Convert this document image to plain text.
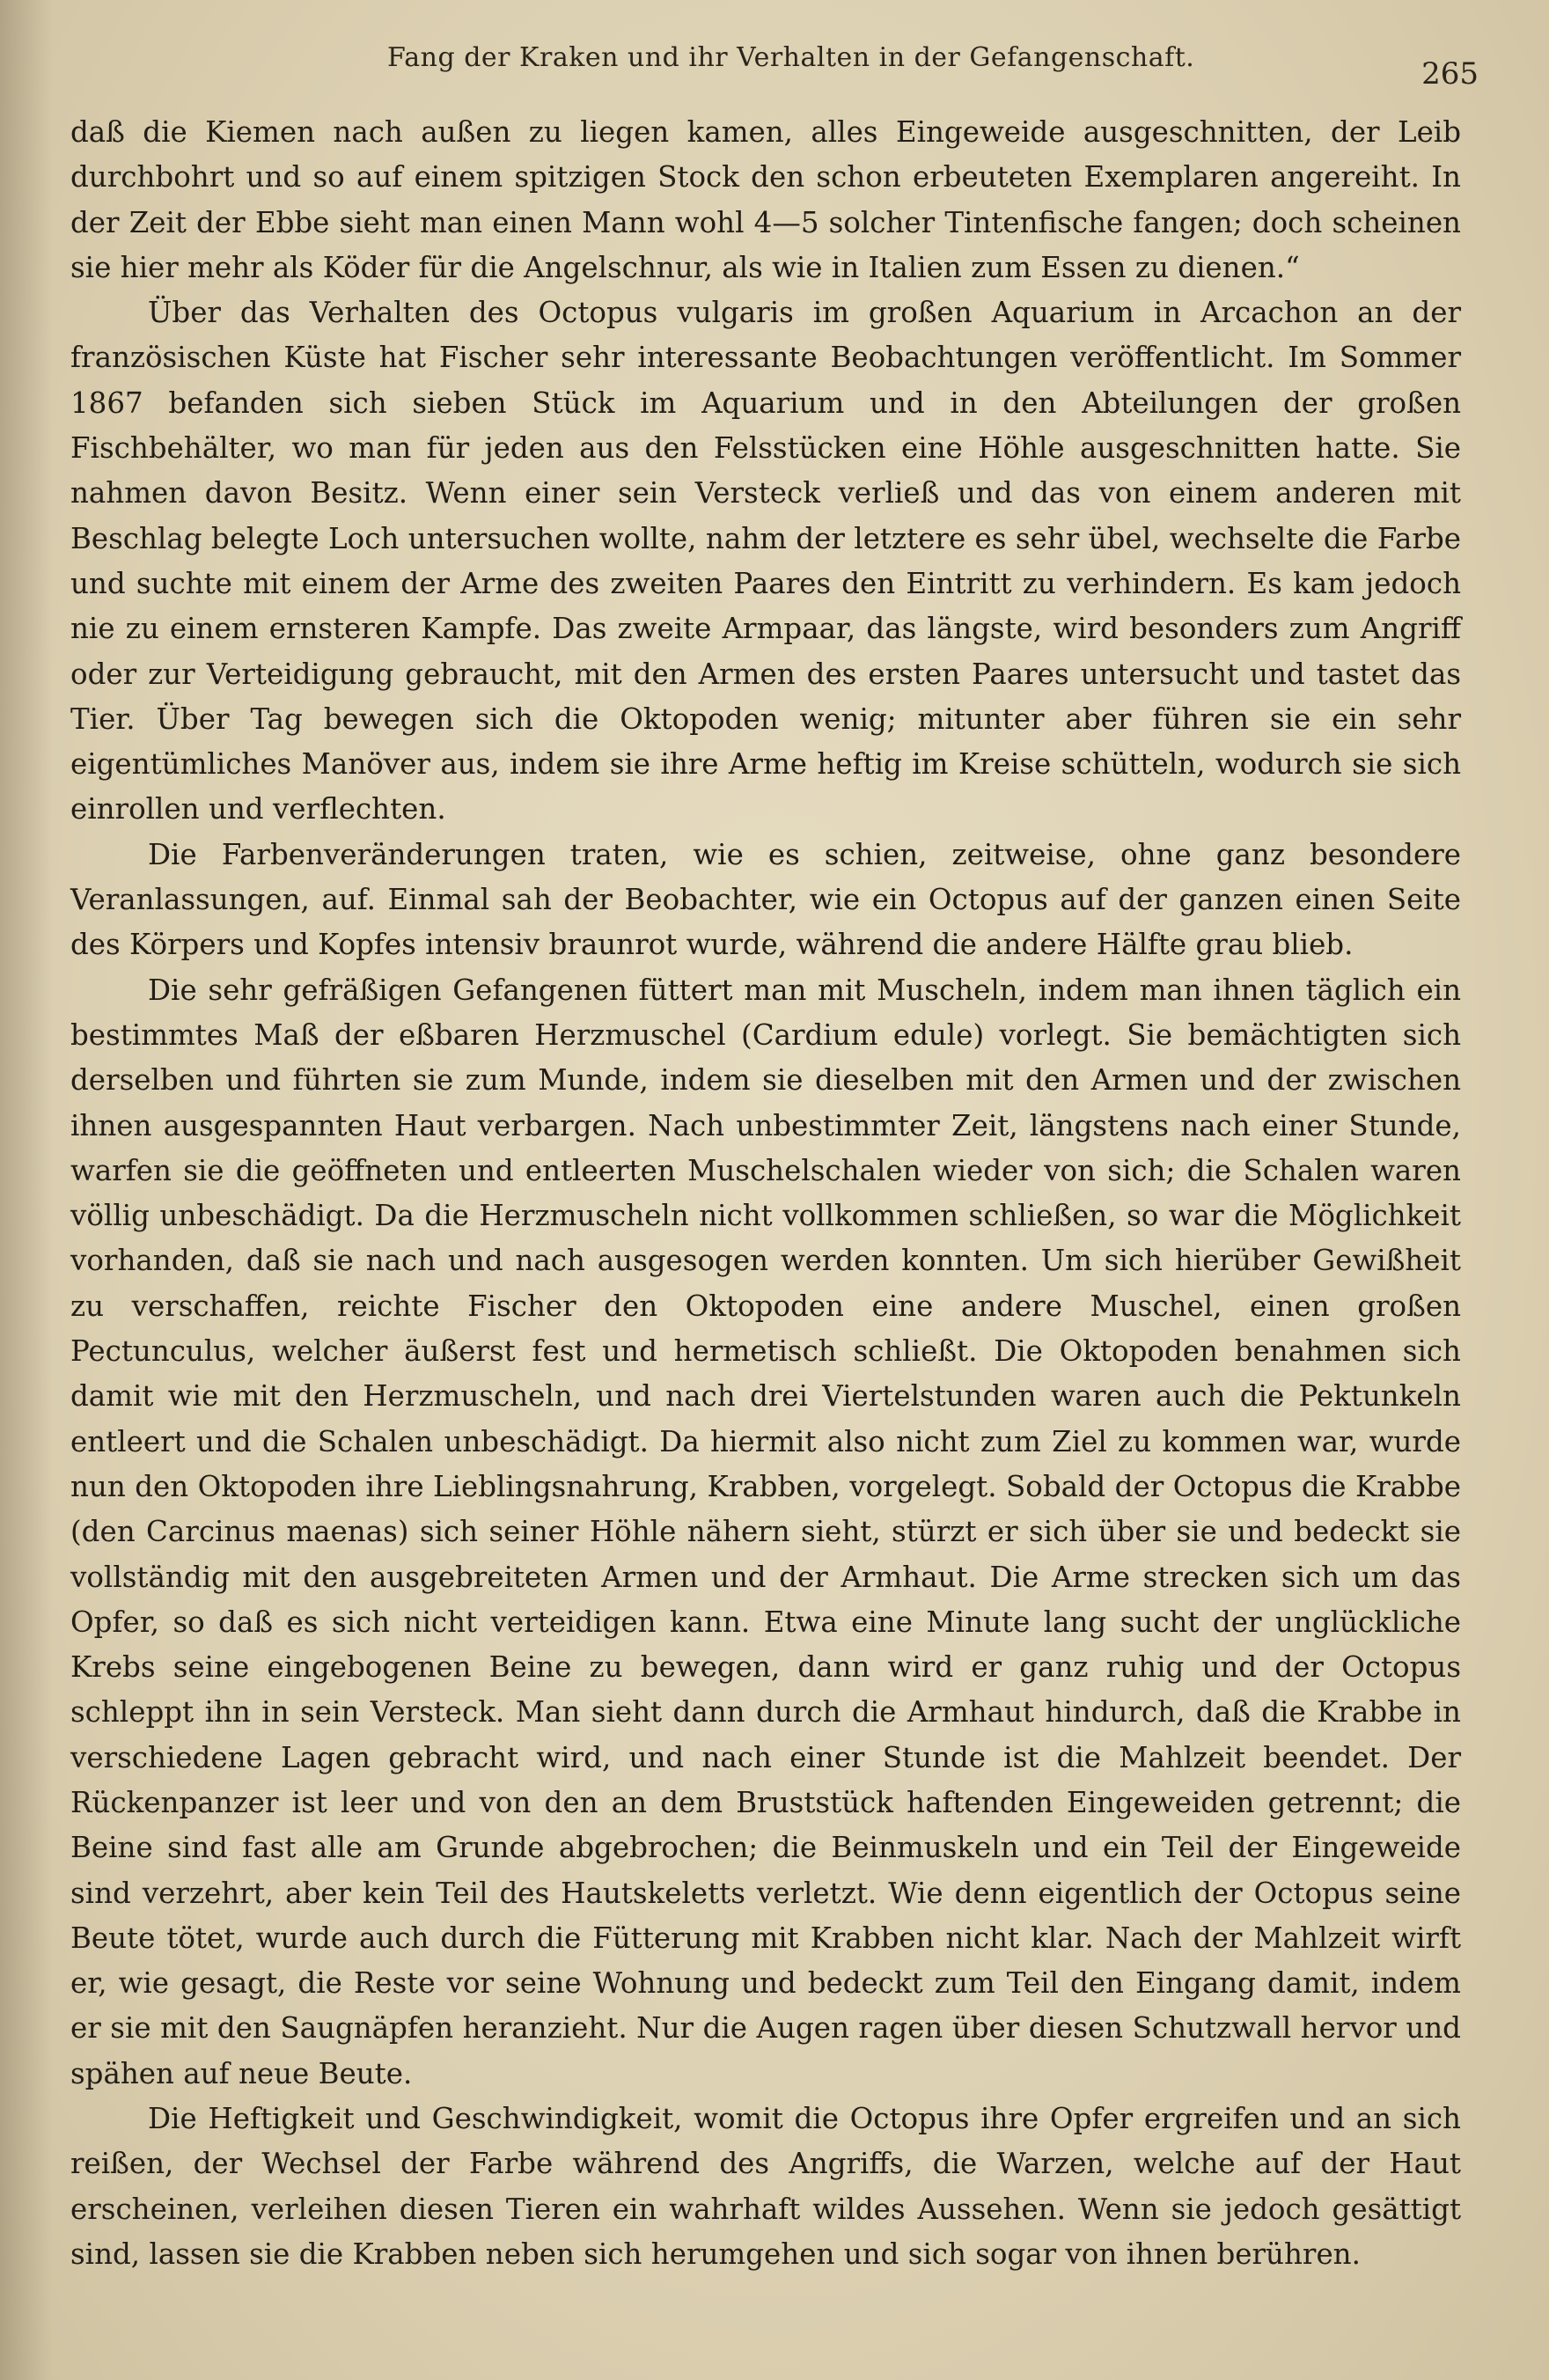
Fang der Kraken und ihr Verhalten in der Gefangenschaft.	265

daß die Kiemen nach außen zu liegen kamen, alles Eingeweide ausgeschnitten, der Leib durchbohrt und so auf einem spitzigen Stock den schon erbeuteten Exemplaren angereiht. In der Zeit der Ebbe sieht man einen Mann wohl 4—5 solcher Tintenfische fangen; doch scheinen sie hier mehr als Köder für die Angelschnur, als wie in Italien zum Essen zu dienen.“

Über das Verhalten des Octopus vulgaris im großen Aquarium in Arcachon an der französischen Küste hat Fischer sehr interessante Beobachtungen veröffentlicht. Im Sommer 1867 befanden sich sieben Stück im Aquarium und in den Abteilungen der großen Fischbehälter, wo man für jeden aus den Felsstücken eine Höhle ausgeschnitten hatte. Sie nahmen davon Besitz. Wenn einer sein Versteck verließ und das von einem anderen mit Beschlag belegte Loch untersuchen wollte, nahm der letztere es sehr übel, wechselte die Farbe und suchte mit einem der Arme des zweiten Paares den Eintritt zu verhindern. Es kam jedoch nie zu einem ernsteren Kampfe. Das zweite Armpaar, das längste, wird besonders zum Angriff oder zur Verteidigung gebraucht, mit den Armen des ersten Paares untersucht und tastet das Tier. Über Tag bewegen sich die Oktopoden wenig; mitunter aber führen sie ein sehr eigentümliches Manöver aus, indem sie ihre Arme heftig im Kreise schütteln, wodurch sie sich einrollen und verflechten.

Die Farbenveränderungen traten, wie es schien, zeitweise, ohne ganz besondere Veranlassungen, auf. Einmal sah der Beobachter, wie ein Octopus auf der ganzen einen Seite des Körpers und Kopfes intensiv braunrot wurde, während die andere Hälfte grau blieb.

Die sehr gefräßigen Gefangenen füttert man mit Muscheln, indem man ihnen täglich ein bestimmtes Maß der eßbaren Herzmuschel (Cardium edule) vorlegt. Sie bemächtigten sich derselben und führten sie zum Munde, indem sie dieselben mit den Armen und der zwischen ihnen ausgespannten Haut verbargen. Nach unbestimmter Zeit, längstens nach einer Stunde, warfen sie die geöffneten und entleerten Muschelschalen wieder von sich; die Schalen waren völlig unbeschädigt. Da die Herzmuscheln nicht vollkommen schließen, so war die Möglichkeit vorhanden, daß sie nach und nach ausgesogen werden konnten. Um sich hierüber Gewißheit zu verschaffen, reichte Fischer den Oktopoden eine andere Muschel, einen großen Pectunculus, welcher äußerst fest und hermetisch schließt. Die Oktopoden benahmen sich damit wie mit den Herzmuscheln, und nach drei Viertelstunden waren auch die Pektunkeln entleert und die Schalen unbeschädigt. Da hiermit also nicht zum Ziel zu kommen war, wurde nun den Oktopoden ihre Lieblingsnahrung, Krabben, vorgelegt. Sobald der Octopus die Krabbe (den Carcinus maenas) sich seiner Höhle nähern sieht, stürzt er sich über sie und bedeckt sie vollständig mit den ausgebreiteten Armen und der Armhaut. Die Arme strecken sich um das Opfer, so daß es sich nicht verteidigen kann. Etwa eine Minute lang sucht der unglückliche Krebs seine eingebogenen Beine zu bewegen, dann wird er ganz ruhig und der Octopus schleppt ihn in sein Versteck. Man sieht dann durch die Armhaut hindurch, daß die Krabbe in verschiedene Lagen gebracht wird, und nach einer Stunde ist die Mahlzeit beendet. Der Rückenpanzer ist leer und von den an dem Bruststück haftenden Eingeweiden getrennt; die Beine sind fast alle am Grunde abgebrochen; die Beinmuskeln und ein Teil der Eingeweide sind verzehrt, aber kein Teil des Hautskeletts verletzt. Wie denn eigentlich der Octopus seine Beute tötet, wurde auch durch die Fütterung mit Krabben nicht klar. Nach der Mahlzeit wirft er, wie gesagt, die Reste vor seine Wohnung und bedeckt zum Teil den Eingang damit, indem er sie mit den Saugnäpfen heranzieht. Nur die Augen ragen über diesen Schutzwall hervor und spähen auf neue Beute.

Die Heftigkeit und Geschwindigkeit, womit die Octopus ihre Opfer ergreifen und an sich reißen, der Wechsel der Farbe während des Angriffs, die Warzen, welche auf der Haut erscheinen, verleihen diesen Tieren ein wahrhaft wildes Aussehen. Wenn sie jedoch gesättigt sind, lassen sie die Krabben neben sich herumgehen und sich sogar von ihnen berühren.
